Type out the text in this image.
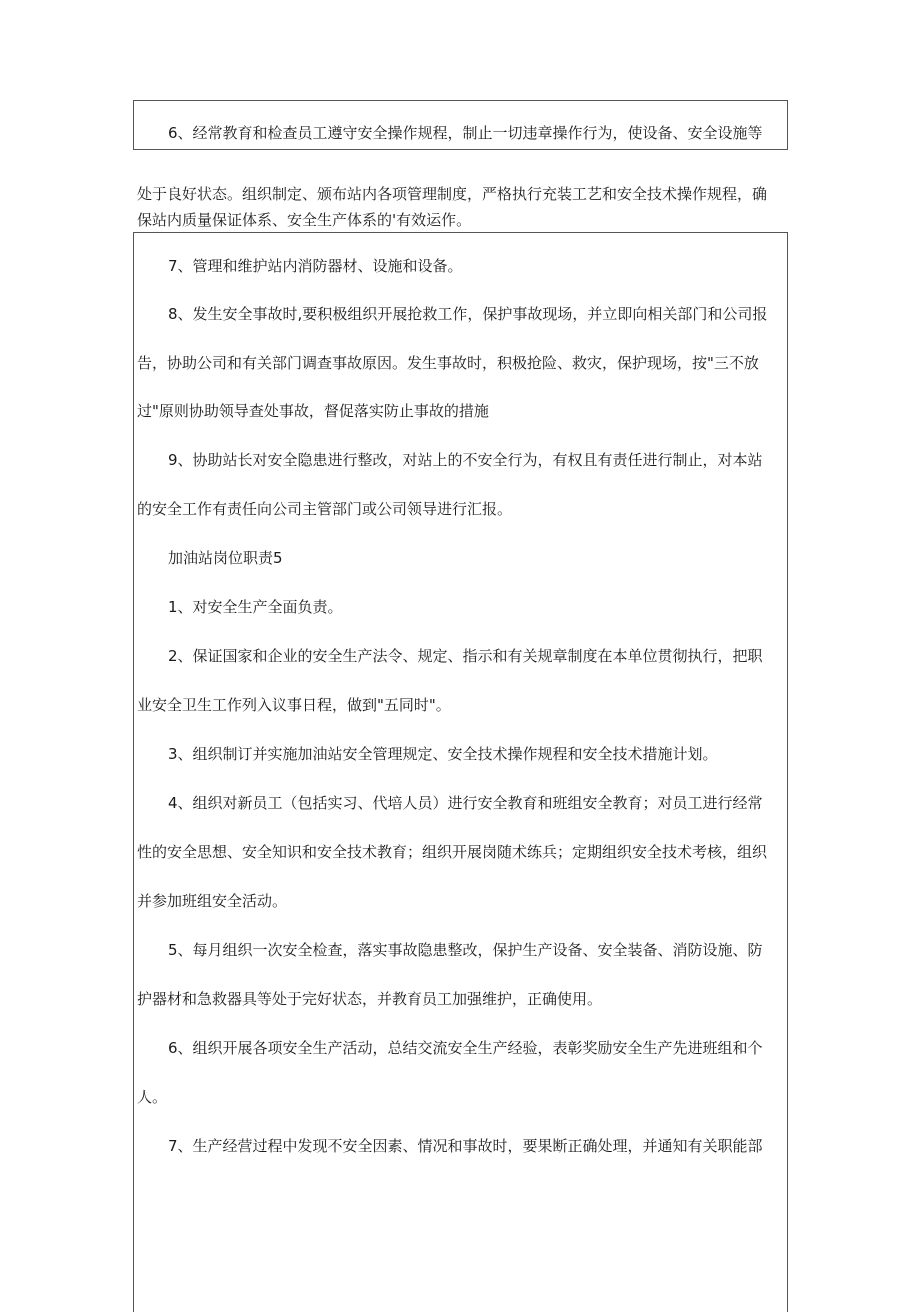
6、经常教育和检查员工遵守安全操作规程，制止一切违章操作行为，使设备、安全设施等
处于良好状态。组织制定、颁布站内各项管理制度，严格执行充装工艺和安全技术操作规程，确
保站内质量保证体系、安全生产体系的'有效运作。
7、管理和维护站内消防器材、设施和设备。
8、发生安全事故时,要积极组织开展抢救工作，保护事故现场，并立即向相关部门和公司报
告，协助公司和有关部门调查事故原因。发生事故时，积极抢险、救灾，保护现场，按"三不放
过"原则协助领导查处事故，督促落实防止事故的措施
9、协助站长对安全隐患进行整改，对站上的不安全行为，有权且有责任进行制止，对本站
的安全工作有责任向公司主管部门或公司领导进行汇报。
加油站岗位职责5
1、对安全生产全面负责。
2、保证国家和企业的安全生产法令、规定、指示和有关规章制度在本单位贯彻执行，把职
业安全卫生工作列入议事日程，做到"五同时"。
3、组织制订并实施加油站安全管理规定、安全技术操作规程和安全技术措施计划。
4、组织对新员工（包括实习、代培人员）进行安全教育和班组安全教育；对员工进行经常
性的安全思想、安全知识和安全技术教育；组织开展岗随术练兵；定期组织安全技术考核，组织
并参加班组安全活动。
5、每月组织一次安全检查，落实事故隐患整改，保护生产设备、安全装备、消防设施、防
护器材和急救器具等处于完好状态，并教育员工加强维护，正确使用。
6、组织开展各项安全生产活动，总结交流安全生产经验，表彰奖励安全生产先进班组和个
人。
7、生产经营过程中发现不安全因素、情况和事故时，要果断正确处理，并通知有关职能部
